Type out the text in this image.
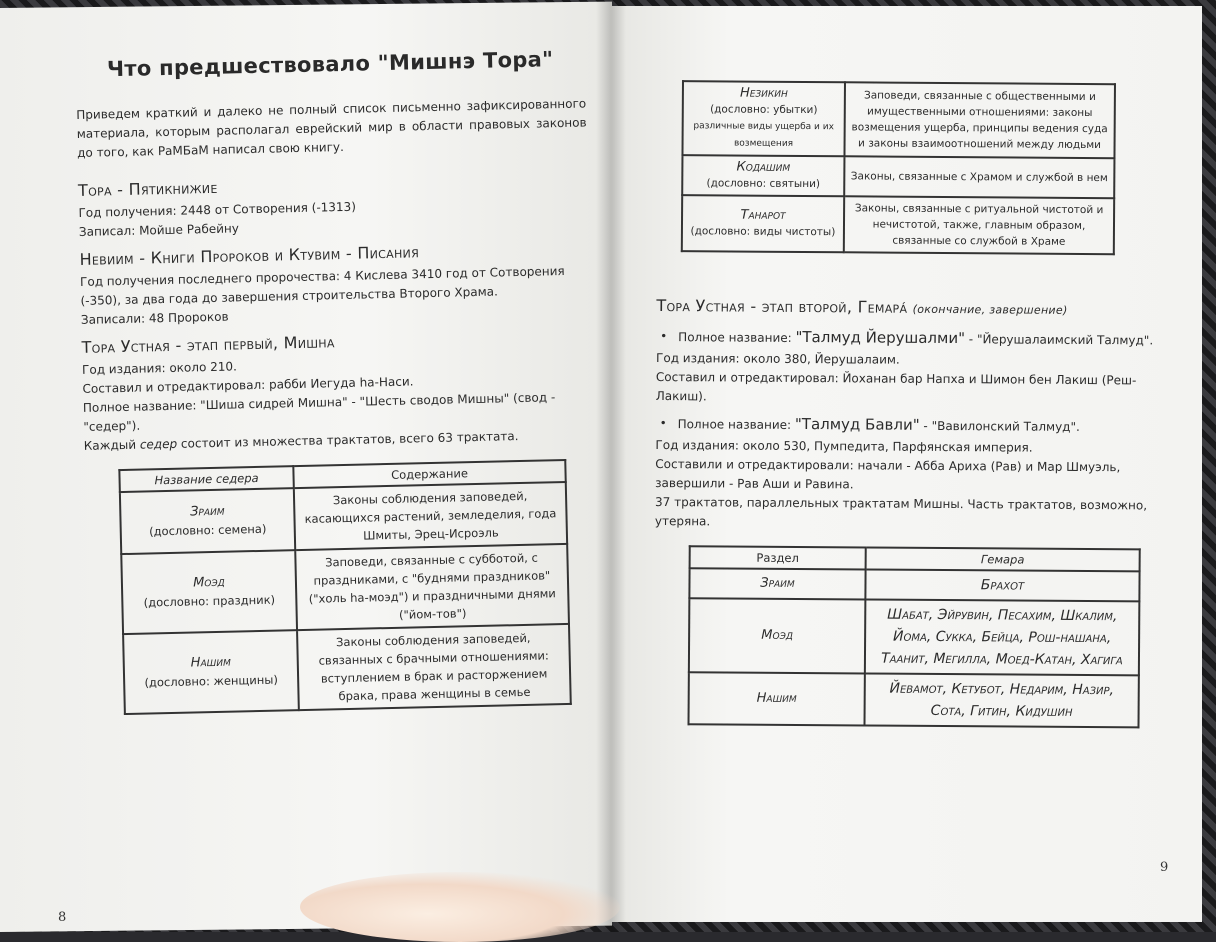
Что предшествовало "Мишнэ Тора"

Приведем краткий и далеко не полный список письменно зафиксированного материала, которым располагал еврейский мир в области правовых законов до того, как РаМБаМ написал свою книгу.

Тора - Пятикнижие

Год получения: 2448 от Сотворения (-1313)

Записал: Мойше Рабейну

Невиим - Книги Пророков и Ктувим - Писания

Год получения последнего пророчества: 4 Кислева 3410 год от Сотворения (-350), за два года до завершения строительства Второго Храма.

Записали: 48 Пророков

Тора Устная - этап первый, Мишна

Год издания: около 210.

Составил и отредактировал: рабби Иегуда hа-Наси.

Полное название: "Шиша сидрей Мишна" - "Шесть сводов Мишны" (свод - "седер").

Каждый седер состоит из множества трактатов, всего 63 трактата.

Название седера	Содержание

Зраим
(дословно: семена)	Законы соблюдения заповедей, касающихся растений, земледелия, года Шмиты, Эрец-Исроэль

Моэд
(дословно: праздник)	Заповеди, связанные с субботой, с праздниками, с "буднями праздников" ("холь hа-моэд") и праздничными днями ("йом-тов")

Нашим
(дословно: женщины)	Законы соблюдения заповедей, связанных с брачными отношениями: вступлением в брак и расторжением брака, права женщины в семье
Незикин
(дословно: убытки)
различные виды ущерба и их возмещения	Заповеди, связанные с общественными и имущественными отношениями: законы возмещения ущерба, принципы ведения суда и законы взаимоотношений между людьми

Кодашим
(дословно: святыни)	Законы, связанные с Храмом и службой в нем

Таhарот
(дословно: виды чистоты)	Законы, связанные с ритуальной чистотой и нечистотой, также, главным образом, связанные со службой в Храме
Тора Устная - этап второй, Гемара́ (окончание, завершение)

• Полное название: "Талмуд Йерушалми" - "Йерушалаимский Талмуд".

Год издания: около 380, Йерушалаим.

Составил и отредактировал: Йоханан бар Напха и Шимон бен Лакиш (Реш-Лакиш).

• Полное название: "Талмуд Бавли" - "Вавилонский Талмуд".

Год издания: около 530, Пумпедита, Парфянская империя.

Составили и отредактировали: начали - Абба Ариха (Рав) и Мар Шмуэль, завершили - Рав Аши и Равина.

37 трактатов, параллельных трактатам Мишны. Часть трактатов, возможно, утеряна.

Раздел	Гемара
Зраим	Брахот
Моэд	Шабат, Эйрувин, Песахим, Шкалим, Йома, Сукка, Бейца, Рош-hашана, Таанит, Мегилла, Моед-Катан, Хагига
Нашим	Йевамот, Кетубот, Недарим, Назир, Сота, Гитин, Кидушин
8
9
